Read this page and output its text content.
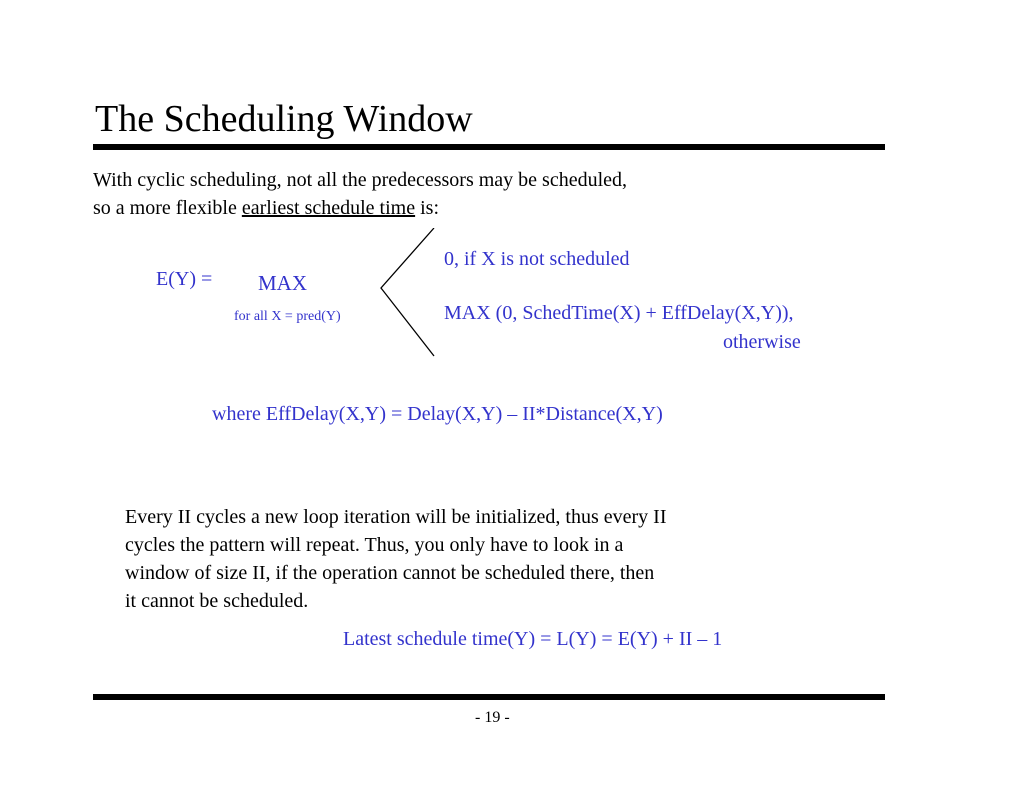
The Scheduling Window
With cyclic scheduling, not all the predecessors may be scheduled,
so a more flexible earliest schedule time is:
E(Y) = MAX
for all X = pred(Y)
0, if X is not scheduled
MAX (0, SchedTime(X) + EffDelay(X,Y)),
otherwise
where EffDelay(X,Y) = Delay(X,Y) – II*Distance(X,Y)
Every II cycles a new loop iteration will be initialized, thus every II
cycles the pattern will repeat. Thus, you only have to look in a
window of size II, if the operation cannot be scheduled there, then
it cannot be scheduled.
Latest schedule time(Y) = L(Y) = E(Y) + II – 1
- 19 -
